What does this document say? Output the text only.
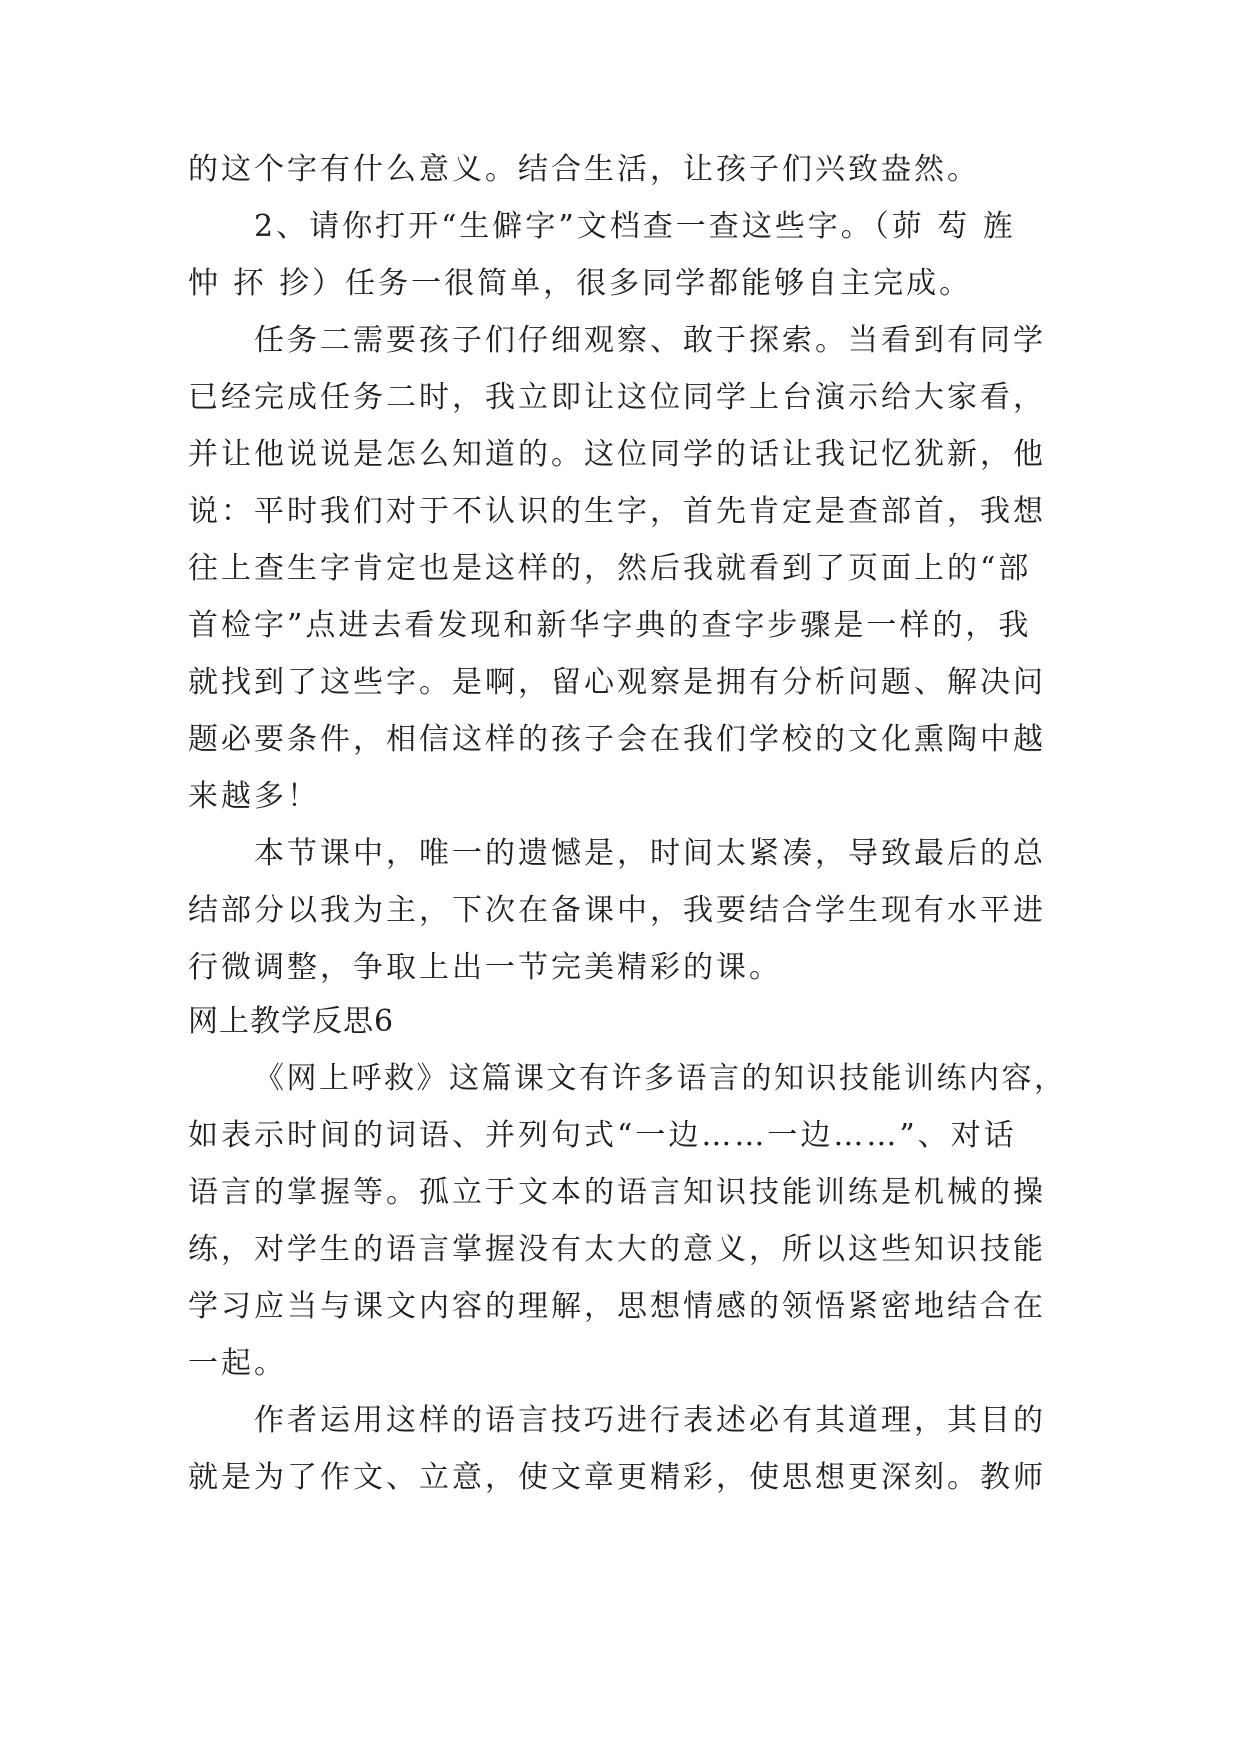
的这个字有什么意义。结合生活，让孩子们兴致盎然。
2、请你打开“生僻字”文档查一查这些字。（茆 芶 旌
忡 抔 抮）任务一很简单，很多同学都能够自主完成。
任务二需要孩子们仔细观察、敢于探索。当看到有同学
已经完成任务二时，我立即让这位同学上台演示给大家看，
并让他说说是怎么知道的。这位同学的话让我记忆犹新，他
说：平时我们对于不认识的生字，首先肯定是查部首，我想
往上查生字肯定也是这样的，然后我就看到了页面上的“部
首检字”点进去看发现和新华字典的查字步骤是一样的，我
就找到了这些字。是啊，留心观察是拥有分析问题、解决问
题必要条件，相信这样的孩子会在我们学校的文化熏陶中越
来越多！
本节课中，唯一的遗憾是，时间太紧凑，导致最后的总
结部分以我为主，下次在备课中，我要结合学生现有水平进
行微调整，争取上出一节完美精彩的课。
网上教学反思6
《网上呼救》这篇课文有许多语言的知识技能训练内容，
如表示时间的词语、并列句式“一边……一边……”、对话
语言的掌握等。孤立于文本的语言知识技能训练是机械的操
练，对学生的语言掌握没有太大的意义，所以这些知识技能
学习应当与课文内容的理解，思想情感的领悟紧密地结合在
一起。
作者运用这样的语言技巧进行表述必有其道理，其目的
就是为了作文、立意，使文章更精彩，使思想更深刻。教师
